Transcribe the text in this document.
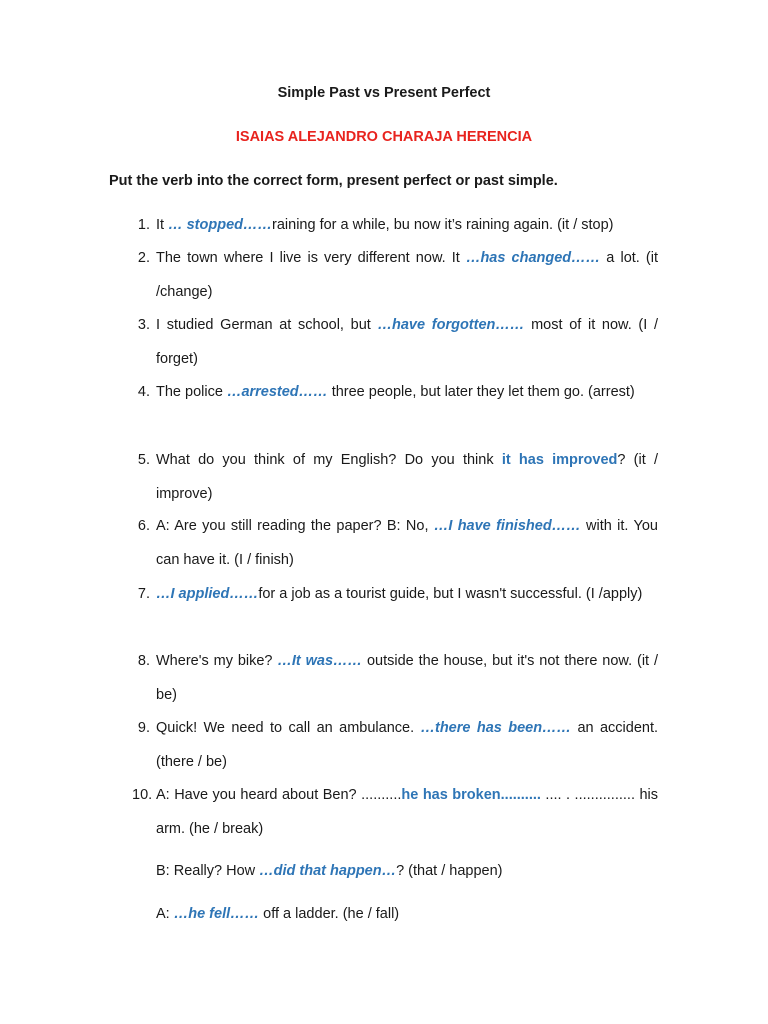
Simple Past vs Present Perfect
ISAIAS ALEJANDRO CHARAJA HERENCIA
Put the verb into the correct form, present perfect or past simple.
1. It … stopped……raining for a while, bu now it’s raining again. (it / stop)
2. The town where I live is very different now. It …has changed…… a lot. (it /change)
3. I studied German at school, but …have forgotten…… most of it now. (I / forget)
4. The police …arrested…… three people, but later they let them go. (arrest)
5. What do you think of my English? Do you think it has improved? (it / improve)
6. A: Are you still reading the paper? B: No, …I have finished…… with it. You can have it. (I / finish)
7. …I applied……for a job as a tourist guide, but I wasn't successful. (I /apply)
8. Where's my bike? …It was…… outside the house, but it's not there now. (it / be)
9. Quick! We need to call an ambulance. …there has been…… an accident. (there / be)
10. A: Have you heard about Ben? ..........he has broken.......... .... . ............... his arm. (he / break)
B: Really? How …did that happen…? (that / happen)
A: …he fell…… off a ladder. (he / fall)
